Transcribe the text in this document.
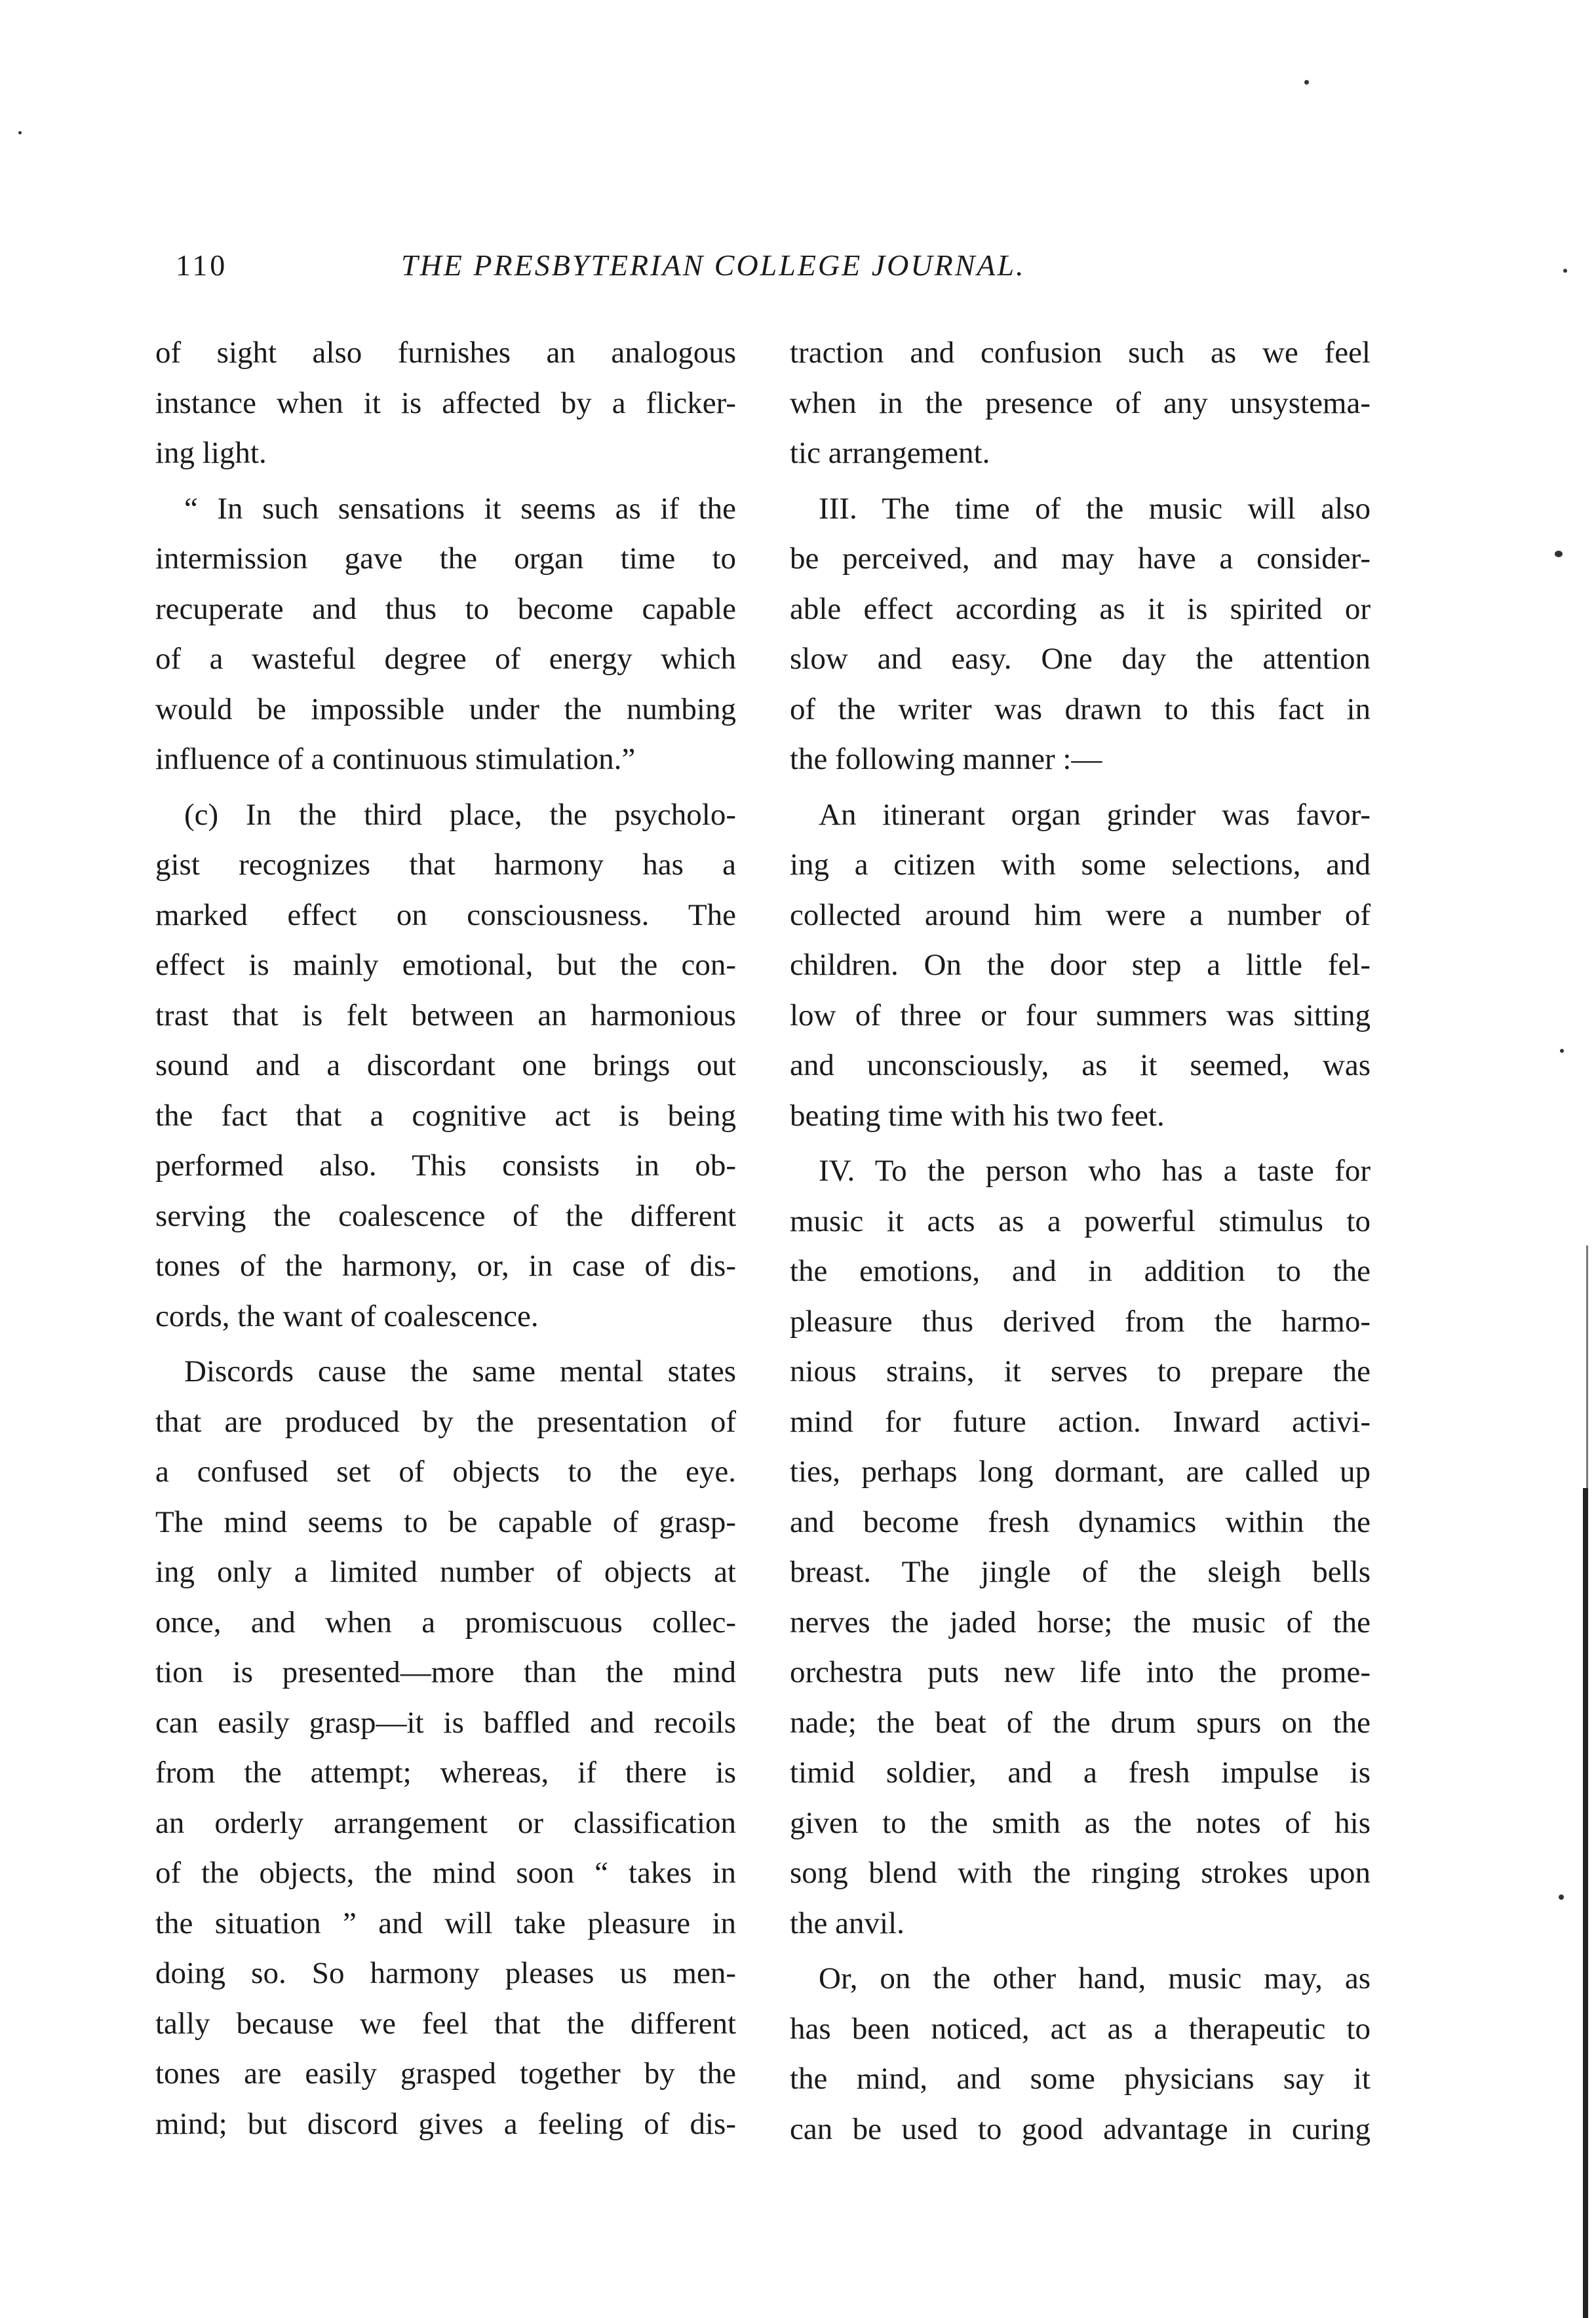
110	THE PRESBYTERIAN COLLEGE JOURNAL.
of sight also furnishes an analogous
instance when it is affected by a flicker-
ing light.
“ In such sensations it seems as if the
intermission gave the organ time to
recuperate and thus to become capable
of a wasteful degree of energy which
would be impossible under the numbing
influence of a continuous stimulation.”
(c) In the third place, the psycholo-
gist recognizes that harmony has a
marked effect on consciousness. The
effect is mainly emotional, but the con-
trast that is felt between an harmonious
sound and a discordant one brings out
the fact that a cognitive act is being
performed also. This consists in ob-
serving the coalescence of the different
tones of the harmony, or, in case of dis-
cords, the want of coalescence.
Discords cause the same mental states
that are produced by the presentation of
a confused set of objects to the eye.
The mind seems to be capable of grasp-
ing only a limited number of objects at
once, and when a promiscuous collec-
tion is presented—more than the mind
can easily grasp—it is baffled and recoils
from the attempt; whereas, if there is
an orderly arrangement or classification
of the objects, the mind soon “ takes in
the situation ” and will take pleasure in
doing so. So harmony pleases us men-
tally because we feel that the different
tones are easily grasped together by the
mind; but discord gives a feeling of dis-
traction and confusion such as we feel
when in the presence of any unsystema-
tic arrangement.
III. The time of the music will also
be perceived, and may have a consider-
able effect according as it is spirited or
slow and easy. One day the attention
of the writer was drawn to this fact in
the following manner :—
An itinerant organ grinder was favor-
ing a citizen with some selections, and
collected around him were a number of
children. On the door step a little fel-
low of three or four summers was sitting
and unconsciously, as it seemed, was
beating time with his two feet.
IV. To the person who has a taste for
music it acts as a powerful stimulus to
the emotions, and in addition to the
pleasure thus derived from the harmo-
nious strains, it serves to prepare the
mind for future action. Inward activi-
ties, perhaps long dormant, are called up
and become fresh dynamics within the
breast. The jingle of the sleigh bells
nerves the jaded horse; the music of the
orchestra puts new life into the prome-
nade; the beat of the drum spurs on the
timid soldier, and a fresh impulse is
given to the smith as the notes of his
song blend with the ringing strokes upon
the anvil.
Or, on the other hand, music may, as
has been noticed, act as a therapeutic to
the mind, and some physicians say it
can be used to good advantage in curing
